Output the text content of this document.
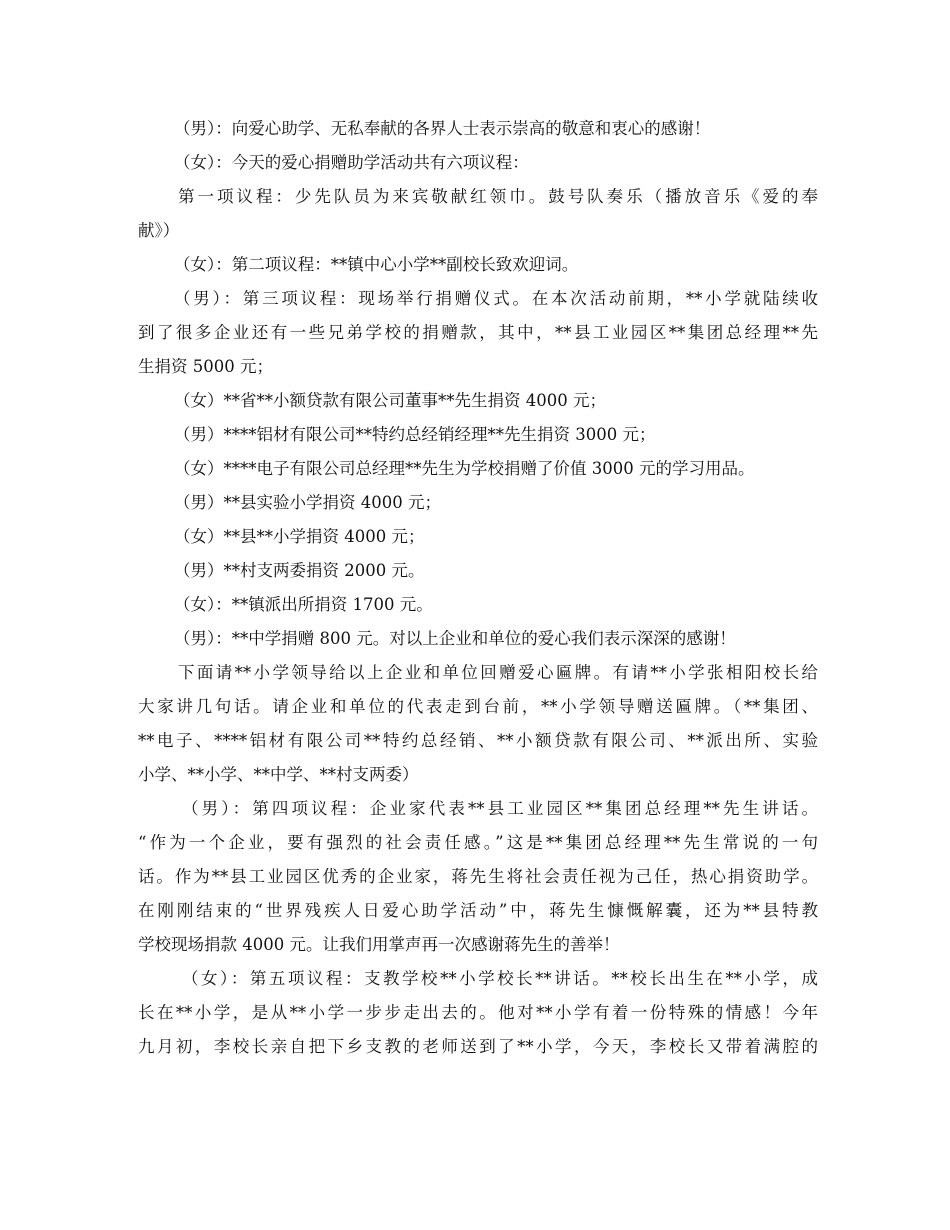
（男）：向爱心助学、无私奉献的各界人士表示崇高的敬意和衷心的感谢！
（女）：今天的爱心捐赠助学活动共有六项议程：
第一项议程：少先队员为来宾敬献红领巾。鼓号队奏乐（播放音乐《爱的奉
献》）
（女）：第二项议程：**镇中心小学**副校长致欢迎词。
（男）：第三项议程：现场举行捐赠仪式。在本次活动前期，**小学就陆续收
到了很多企业还有一些兄弟学校的捐赠款，其中，**县工业园区**集团总经理**先
生捐资 5000 元；
（女）**省**小额贷款有限公司董事**先生捐资 4000 元；
（男）****铝材有限公司**特约总经销经理**先生捐资 3000 元；
（女）****电子有限公司总经理**先生为学校捐赠了价值 3000 元的学习用品。
（男）**县实验小学捐资 4000 元；
（女）**县**小学捐资 4000 元；
（男）**村支两委捐资 2000 元。
（女）：**镇派出所捐资 1700 元。
（男）：**中学捐赠 800 元。对以上企业和单位的爱心我们表示深深的感谢！
下面请**小学领导给以上企业和单位回赠爱心匾牌。有请**小学张相阳校长给
大家讲几句话。请企业和单位的代表走到台前，**小学领导赠送匾牌。（**集团、
**电子、****铝材有限公司**特约总经销、**小额贷款有限公司、**派出所、实验
小学、**小学、**中学、**村支两委）
（男）：第四项议程：企业家代表**县工业园区**集团总经理**先生讲话。
“作为一个企业，要有强烈的社会责任感。”这是**集团总经理**先生常说的一句
话。作为**县工业园区优秀的企业家，蒋先生将社会责任视为己任，热心捐资助学。
在刚刚结束的“世界残疾人日爱心助学活动”中，蒋先生慷慨解囊，还为**县特教
学校现场捐款 4000 元。让我们用掌声再一次感谢蒋先生的善举！
（女）：第五项议程：支教学校**小学校长**讲话。**校长出生在**小学，成
长在**小学，是从**小学一步步走出去的。他对**小学有着一份特殊的情感！今年
九月初，李校长亲自把下乡支教的老师送到了**小学，今天，李校长又带着满腔的
